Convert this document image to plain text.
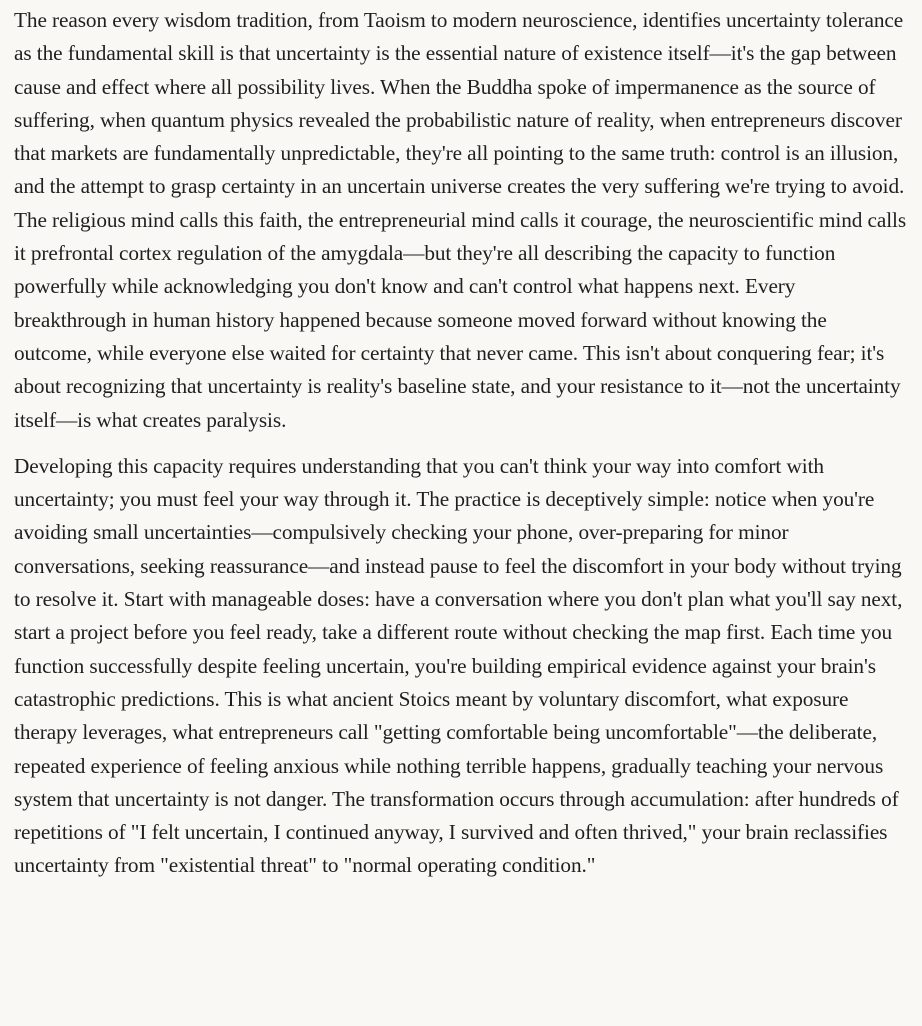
The reason every wisdom tradition, from Taoism to modern neuroscience, identifies uncertainty tolerance as the fundamental skill is that uncertainty is the essential nature of existence itself—it's the gap between cause and effect where all possibility lives. When the Buddha spoke of impermanence as the source of suffering, when quantum physics revealed the probabilistic nature of reality, when entrepreneurs discover that markets are fundamentally unpredictable, they're all pointing to the same truth: control is an illusion, and the attempt to grasp certainty in an uncertain universe creates the very suffering we're trying to avoid. The religious mind calls this faith, the entrepreneurial mind calls it courage, the neuroscientific mind calls it prefrontal cortex regulation of the amygdala—but they're all describing the capacity to function powerfully while acknowledging you don't know and can't control what happens next. Every breakthrough in human history happened because someone moved forward without knowing the outcome, while everyone else waited for certainty that never came. This isn't about conquering fear; it's about recognizing that uncertainty is reality's baseline state, and your resistance to it—not the uncertainty itself—is what creates paralysis.

Developing this capacity requires understanding that you can't think your way into comfort with uncertainty; you must feel your way through it. The practice is deceptively simple: notice when you're avoiding small uncertainties—compulsively checking your phone, over-preparing for minor conversations, seeking reassurance—and instead pause to feel the discomfort in your body without trying to resolve it. Start with manageable doses: have a conversation where you don't plan what you'll say next, start a project before you feel ready, take a different route without checking the map first. Each time you function successfully despite feeling uncertain, you're building empirical evidence against your brain's catastrophic predictions. This is what ancient Stoics meant by voluntary discomfort, what exposure therapy leverages, what entrepreneurs call "getting comfortable being uncomfortable"—the deliberate, repeated experience of feeling anxious while nothing terrible happens, gradually teaching your nervous system that uncertainty is not danger. The transformation occurs through accumulation: after hundreds of repetitions of "I felt uncertain, I continued anyway, I survived and often thrived," your brain reclassifies uncertainty from "existential threat" to "normal operating condition."
